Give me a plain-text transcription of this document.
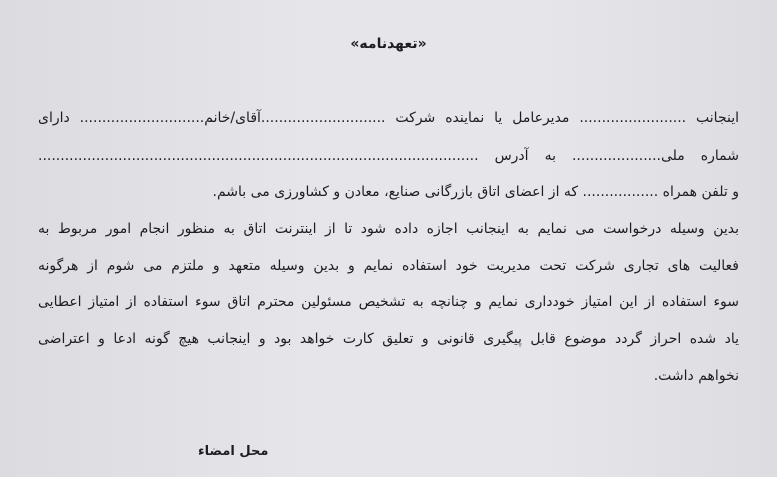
«تعهدنامه»
اینجانب ........................ مدیرعامل یا نماینده شرکت ............................آقای/خانم............................ دارای
شماره ملی.................... به آدرس ...................................................................................................
و تلفن همراه ................. که از اعضای اتاق بازرگانی صنایع، معادن و کشاورزی می باشم.
بدین وسیله درخواست می نمایم به اینجانب اجازه داده شود تا از اینترنت اتاق به منظور انجام امور مربوط به
فعالیت های تجاری شرکت تحت مدیریت خود استفاده نمایم و بدین وسیله متعهد و ملتزم می شوم از هرگونه
سوء استفاده از این امتیاز خودداری نمایم و چنانچه به تشخیص مسئولین محترم اتاق سوء استفاده از امتیاز اعطایی
یاد شده احراز گردد موضوع قابل پیگیری قانونی و تعلیق کارت خواهد بود و اینجانب هیچ گونه ادعا و اعتراضی
نخواهم داشت.
محل امضاء
